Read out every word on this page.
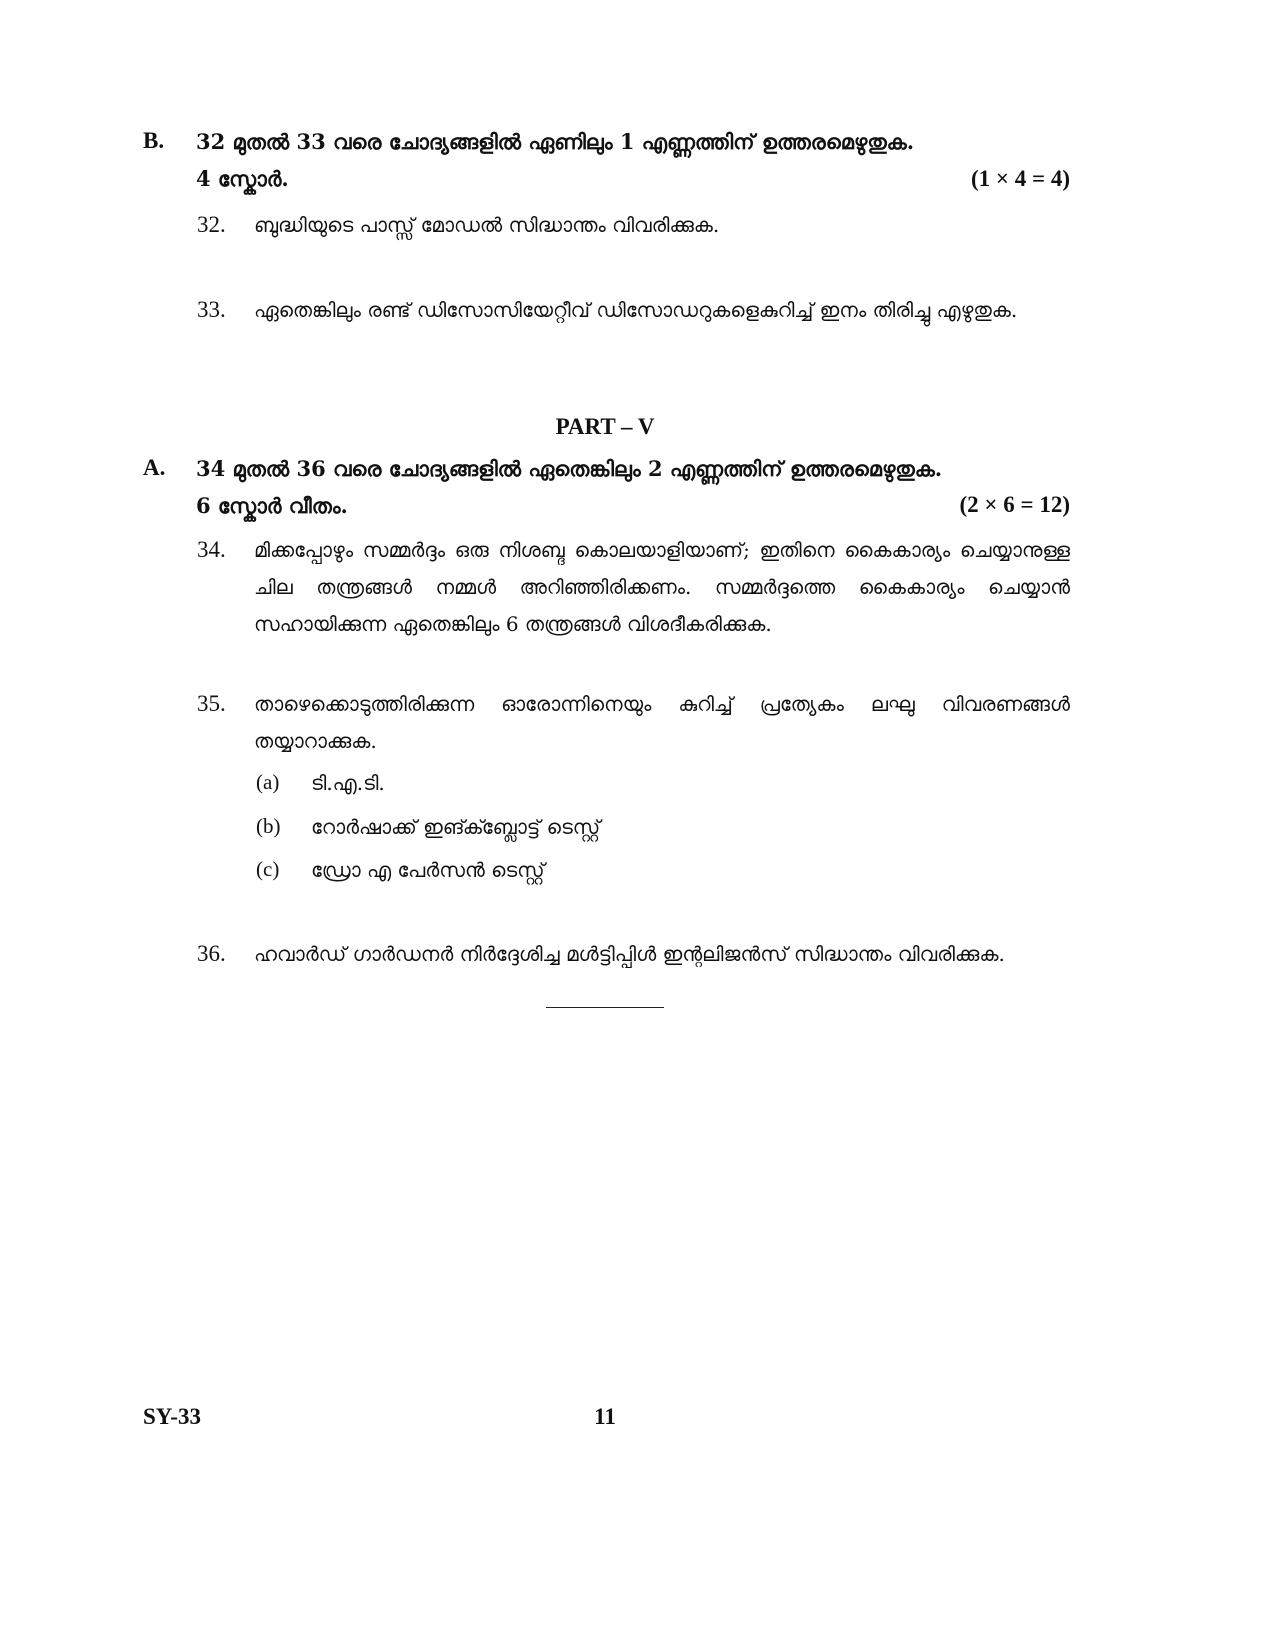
B. 32 മുതൽ 33 വരെ ചോദ്യങ്ങളിൽ ഏണിലും 1 എണ്ണത്തിന് ഉത്തരമെഴുതുക.
4 സ്കോർ.	(1 × 4 = 4)
32. ബുദ്ധിയുടെ പാസ്സ് മോഡൽ സിദ്ധാന്തം വിവരിക്കുക.
33. ഏതെങ്കിലും രണ്ട് ഡിസോസിയേറ്റീവ് ഡിസോഡറുകളെകുറിച്ച് ഇനം തിരിച്ചു എഴുതുക.
PART – V
A. 34 മുതൽ 36 വരെ ചോദ്യങ്ങളിൽ ഏതെങ്കിലും 2 എണ്ണത്തിന് ഉത്തരമെഴുതുക.
6 സ്കോർ വീതം.	(2 × 6 = 12)
34. മിക്കപ്പോഴും സമ്മർദ്ദം ഒരു നിശബ്ദ കൊലയാളിയാണ്; ഇതിനെ കൈകാര്യം ചെയ്യാനുള്ള ചില തന്ത്രങ്ങൾ നമ്മൾ അറിഞ്ഞിരിക്കണം. സമ്മർദ്ദത്തെ കൈകാര്യം ചെയ്യാൻ സഹായിക്കുന്ന ഏതെങ്കിലും 6 തന്ത്രങ്ങൾ വിശദീകരിക്കുക.
35. താഴെക്കൊടുത്തിരിക്കുന്ന ഓരോന്നിനെയും കുറിച്ച് പ്രത്യേകം ലഘു വിവരണങ്ങൾ തയ്യാറാക്കുക.
(a) ടി.എ.ടി.
(b) റോർഷാക്ക് ഇങ്ക്ബ്ലോട്ട് ടെസ്റ്റ്
(c) ഡ്രോ എ പേർസൻ ടെസ്റ്റ്
36. ഹവാർഡ് ഗാർഡനർ നിർദ്ദേശിച്ച മൾട്ടിപ്പിൾ ഇന്റലിജൻസ് സിദ്ധാന്തം വിവരിക്കുക.
SY-33	11
